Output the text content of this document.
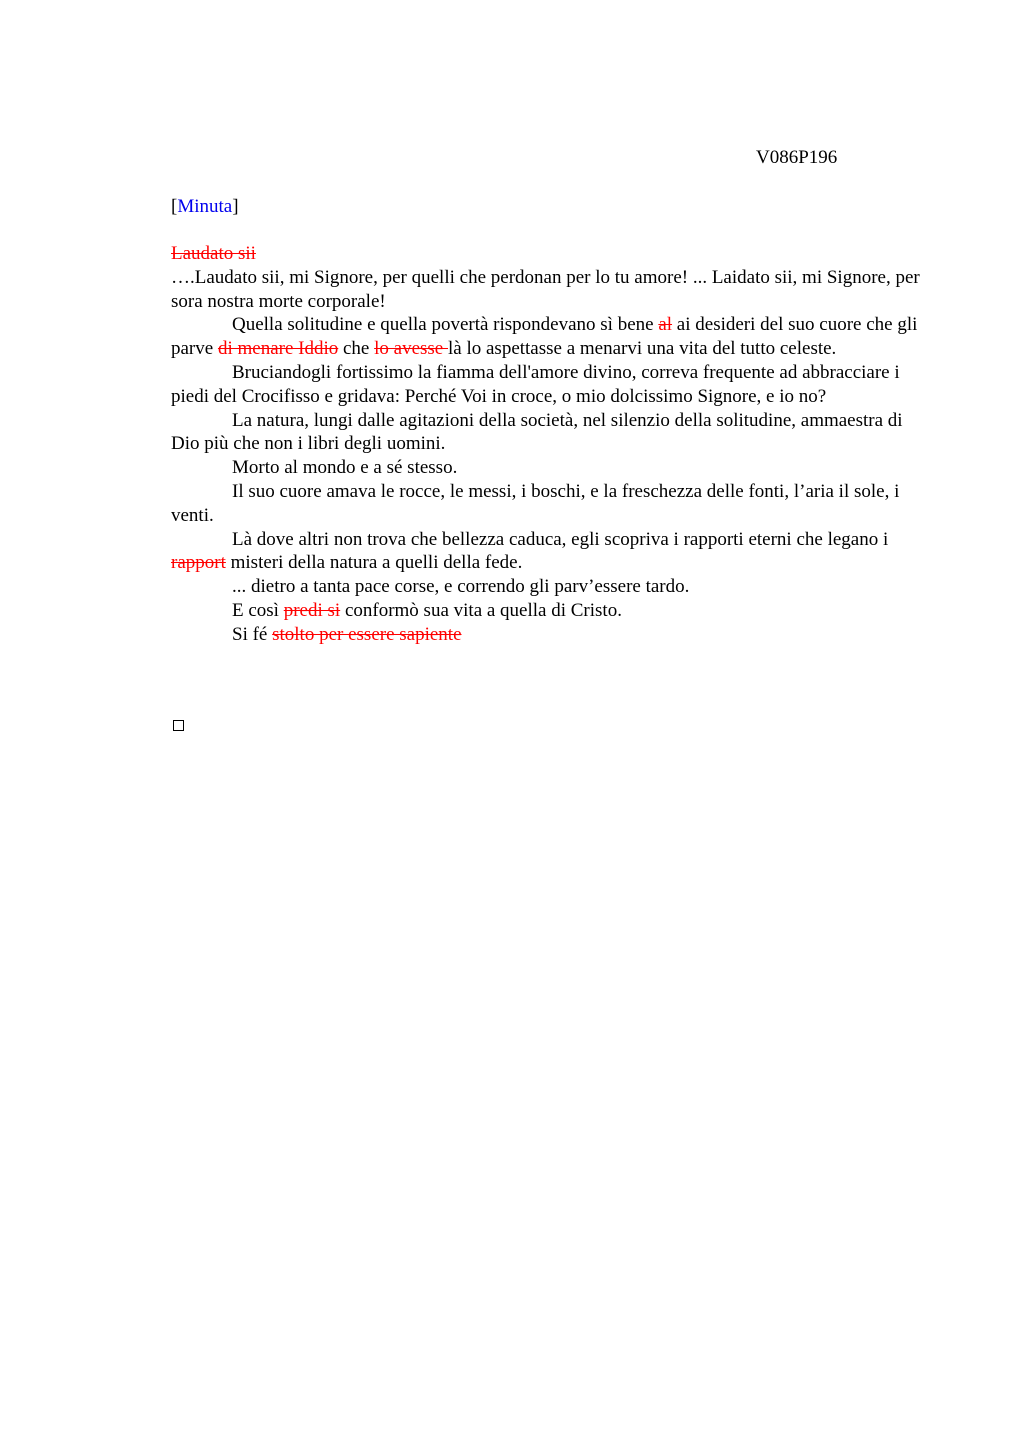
V086P196
[Minuta]

Laudato sii

….Laudato sii, mi Signore, per quelli che perdonan per lo tu amore! ... Laidato sii, mi Signore, per sora nostra morte corporale!

Quella solitudine e quella povertà rispondevano sì bene al ai desideri del suo cuore che gli parve di menare Iddio che lo avesse là lo aspettasse a menarvi una vita del tutto celeste.

Bruciandogli fortissimo la fiamma dell'amore divino, correva frequente ad abbracciare i piedi del Crocifisso e gridava: Perché Voi in croce, o mio dolcissimo Signore, e io no?

La natura, lungi dalle agitazioni della società, nel silenzio della solitudine, ammaestra di Dio più che non i libri degli uomini.

Morto al mondo e a sé stesso.

Il suo cuore amava le rocce, le messi, i boschi, e la freschezza delle fonti, l’aria il sole, i venti.

Là dove altri non trova che bellezza caduca, egli scopriva i rapporti eterni che legano i rapport misteri della natura a quelli della fede.

... dietro a tanta pace corse, e correndo gli parv’essere tardo.

E così predi si conformò sua vita a quella di Cristo.

Si fé stolto per essere sapiente
